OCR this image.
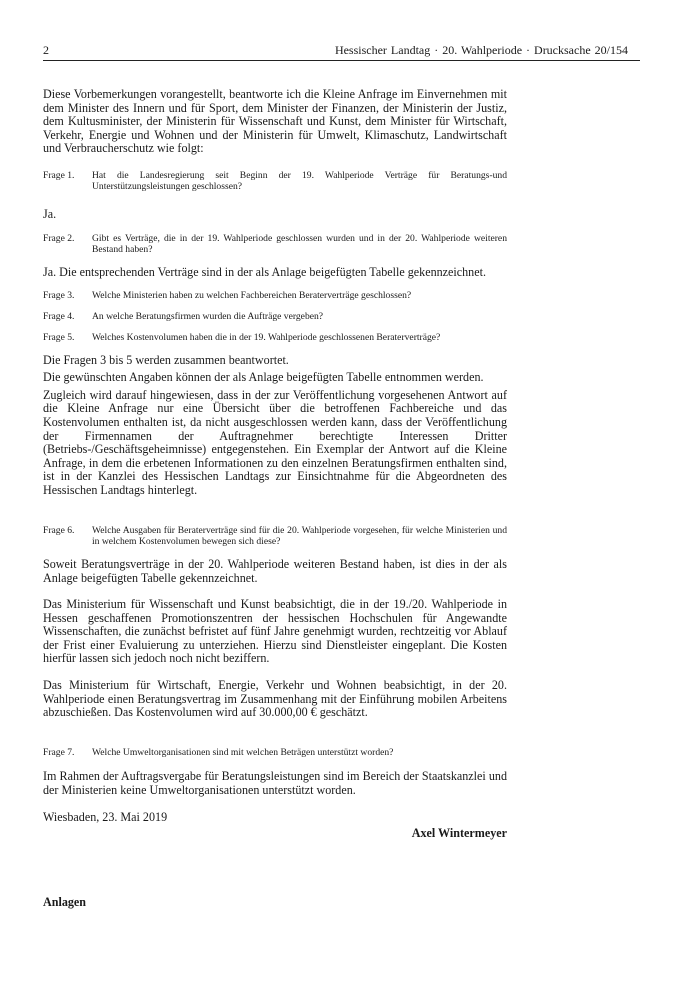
2	Hessischer Landtag · 20. Wahlperiode · Drucksache 20/154

Diese Vorbemerkungen vorangestellt, beantworte ich die Kleine Anfrage im Einvernehmen mit dem Minister des Innern und für Sport, dem Minister der Finanzen, der Ministerin der Justiz, dem Kultusminister, der Ministerin für Wissenschaft und Kunst, dem Minister für Wirtschaft, Verkehr, Energie und Wohnen und der Ministerin für Umwelt, Klimaschutz, Landwirtschaft und Verbraucherschutz wie folgt:

Frage 1.	Hat die Landesregierung seit Beginn der 19. Wahlperiode Verträge für Beratungs-und Unterstützungsleistungen geschlossen?

Ja.

Frage 2.	Gibt es Verträge, die in der 19. Wahlperiode geschlossen wurden und in der 20. Wahlperiode weiteren Bestand haben?

Ja. Die entsprechenden Verträge sind in der als Anlage beigefügten Tabelle gekennzeichnet.

Frage 3.	Welche Ministerien haben zu welchen Fachbereichen Beraterverträge geschlossen?
Frage 4.	An welche Beratungsfirmen wurden die Aufträge vergeben?
Frage 5.	Welches Kostenvolumen haben die in der 19. Wahlperiode geschlossenen Beraterverträge?

Die Fragen 3 bis 5 werden zusammen beantwortet.

Die gewünschten Angaben können der als Anlage beigefügten Tabelle entnommen werden.

Zugleich wird darauf hingewiesen, dass in der zur Veröffentlichung vorgesehenen Antwort auf die Kleine Anfrage nur eine Übersicht über die betroffenen Fachbereiche und das Kostenvolumen enthalten ist, da nicht ausgeschlossen werden kann, dass der Veröffentlichung der Firmennamen der Auftragnehmer berechtigte Interessen Dritter (Betriebs-/Geschäftsgeheimnisse) entgegenstehen. Ein Exemplar der Antwort auf die Kleine Anfrage, in dem die erbetenen Informationen zu den einzelnen Beratungsfirmen enthalten sind, ist in der Kanzlei des Hessischen Landtags zur Einsichtnahme für die Abgeordneten des Hessischen Landtags hinterlegt.

Frage 6.	Welche Ausgaben für Beraterverträge sind für die 20. Wahlperiode vorgesehen, für welche Ministerien und in welchem Kostenvolumen bewegen sich diese?

Soweit Beratungsverträge in der 20. Wahlperiode weiteren Bestand haben, ist dies in der als Anlage beigefügten Tabelle gekennzeichnet.

Das Ministerium für Wissenschaft und Kunst beabsichtigt, die in der 19./20. Wahlperiode in Hessen geschaffenen Promotionszentren der hessischen Hochschulen für Angewandte Wissenschaften, die zunächst befristet auf fünf Jahre genehmigt wurden, rechtzeitig vor Ablauf der Frist einer Evaluierung zu unterziehen. Hierzu sind Dienstleister eingeplant. Die Kosten hierfür lassen sich jedoch noch nicht beziffern.

Das Ministerium für Wirtschaft, Energie, Verkehr und Wohnen beabsichtigt, in der 20. Wahlperiode einen Beratungsvertrag im Zusammenhang mit der Einführung mobilen Arbeitens abzuschießen. Das Kostenvolumen wird auf 30.000,00 € geschätzt.

Frage 7.	Welche Umweltorganisationen sind mit welchen Beträgen unterstützt worden?

Im Rahmen der Auftragsvergabe für Beratungsleistungen sind im Bereich der Staatskanzlei und der Ministerien keine Umweltorganisationen unterstützt worden.

Wiesbaden, 23. Mai 2019

Axel Wintermeyer

Anlagen
